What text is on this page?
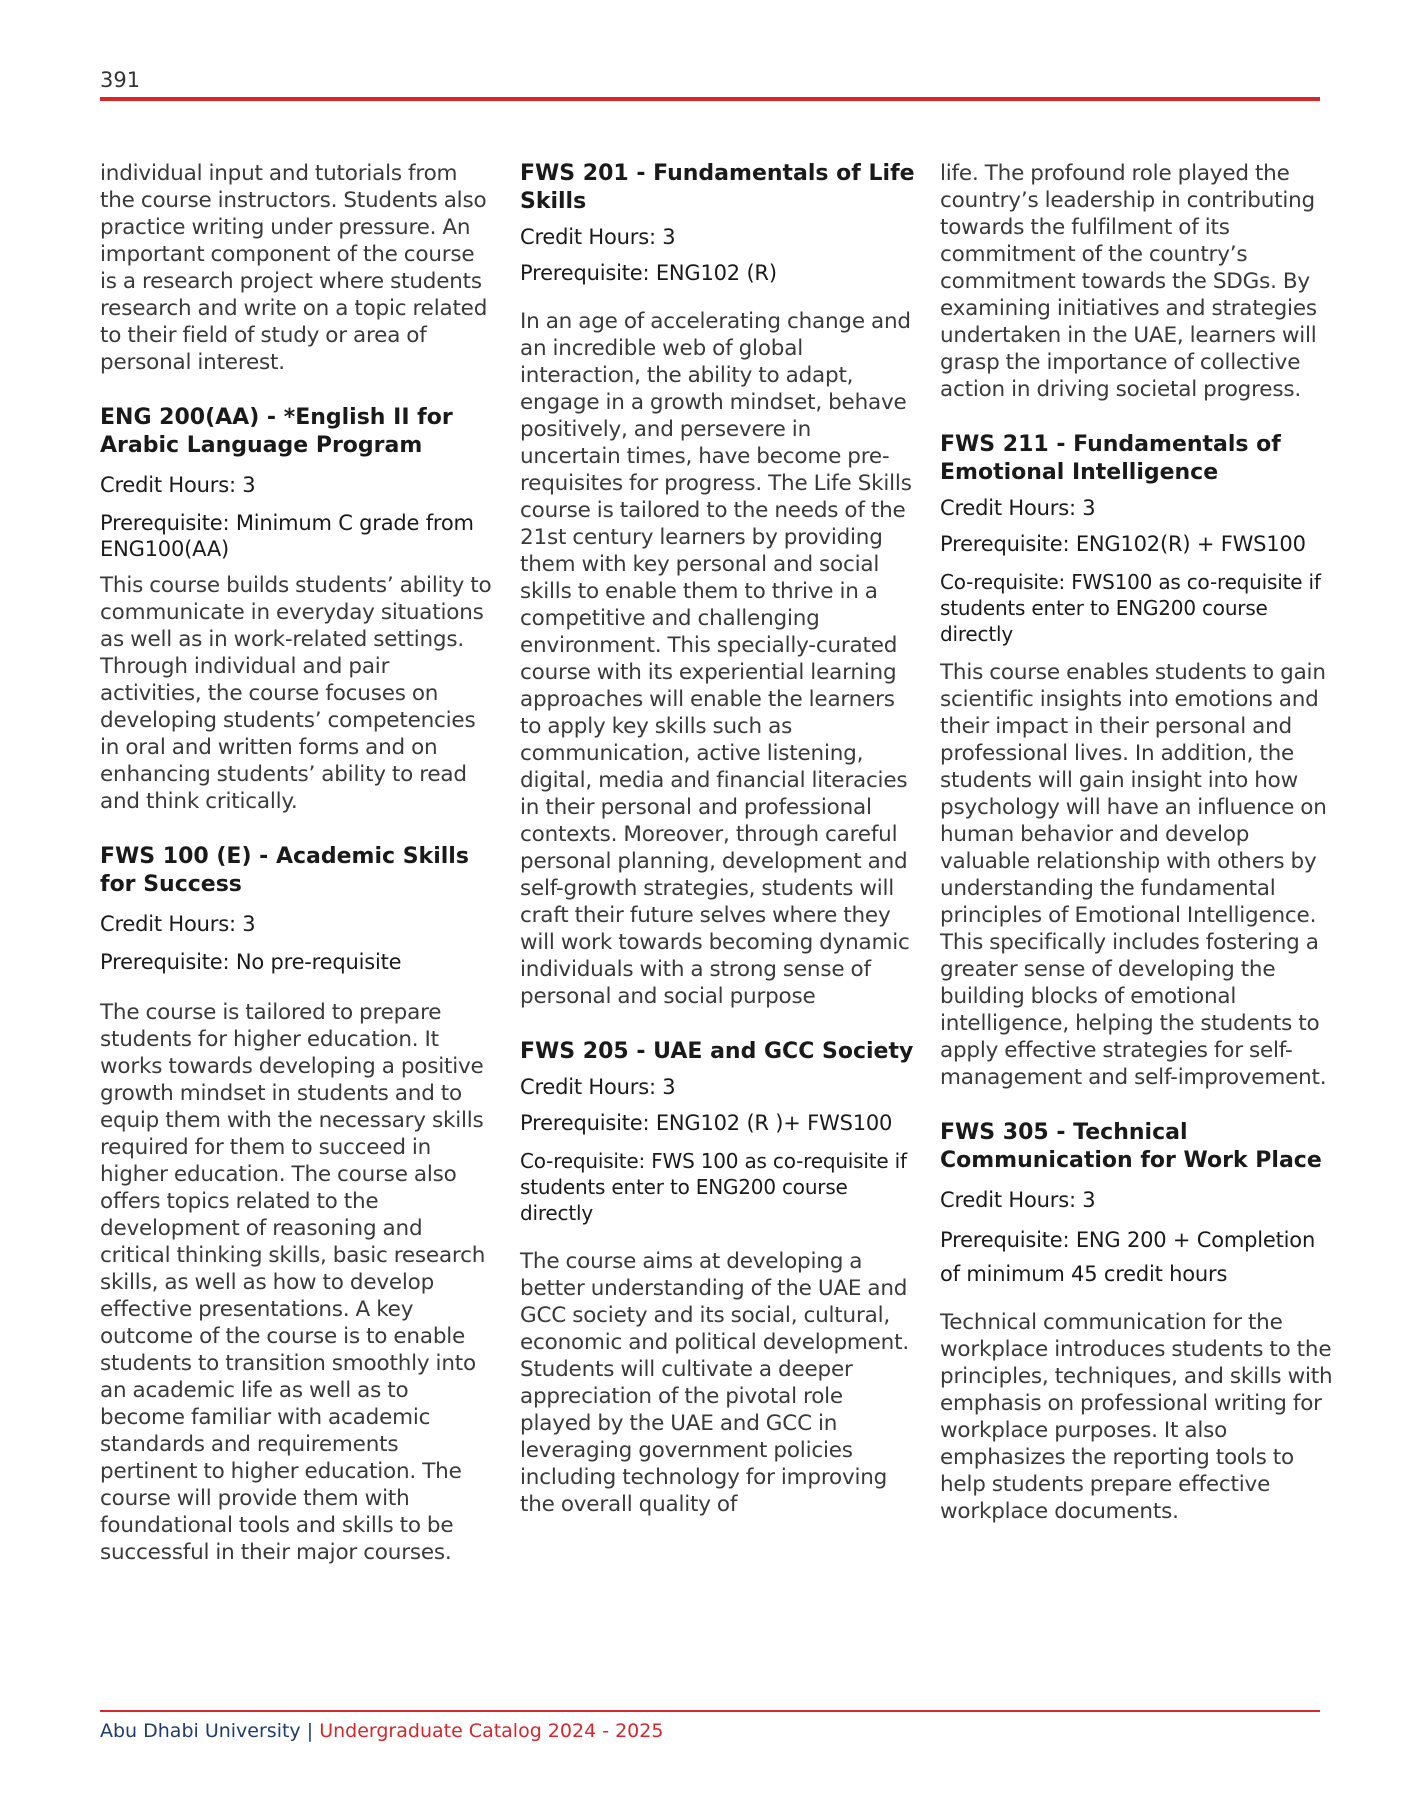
391

individual input and tutorials from the course instructors. Students also practice writing under pressure. An important component of the course is a research project where students research and write on a topic related to their field of study or area of personal interest.

ENG 200(AA) - *English II for Arabic Language Program

Credit Hours: 3

Prerequisite: Minimum C grade from ENG100(AA)

This course builds students’ ability to communicate in everyday situations as well as in work-related settings. Through individual and pair activities, the course focuses on developing students’ competencies in oral and written forms and on enhancing students’ ability to read and think critically.

FWS 100 (E) - Academic Skills for Success

Credit Hours: 3

Prerequisite: No pre-requisite

The course is tailored to prepare students for higher education. It works towards developing a positive growth mindset in students and to equip them with the necessary skills required for them to succeed in higher education. The course also offers topics related to the development of reasoning and critical thinking skills, basic research skills, as well as how to develop effective presentations. A key outcome of the course is to enable students to transition smoothly into an academic life as well as to become familiar with academic standards and requirements pertinent to higher education. The course will provide them with foundational tools and skills to be successful in their major courses.

FWS 201 - Fundamentals of Life Skills

Credit Hours: 3

Prerequisite: ENG102 (R)

In an age of accelerating change and an incredible web of global interaction, the ability to adapt, engage in a growth mindset, behave positively, and persevere in uncertain times, have become pre-requisites for progress. The Life Skills course is tailored to the needs of the 21st century learners by providing them with key personal and social skills to enable them to thrive in a competitive and challenging environment. This specially-curated course with its experiential learning approaches will enable the learners to apply key skills such as communication, active listening, digital, media and financial literacies in their personal and professional contexts. Moreover, through careful personal planning, development and self-growth strategies, students will craft their future selves where they will work towards becoming dynamic individuals with a strong sense of personal and social purpose

FWS 205 - UAE and GCC Society

Credit Hours: 3

Prerequisite: ENG102 (R )+ FWS100

Co-requisite: FWS 100 as co-requisite if students enter to ENG200 course directly

The course aims at developing a better understanding of the UAE and GCC society and its social, cultural, economic and political development. Students will cultivate a deeper appreciation of the pivotal role played by the UAE and GCC in leveraging government policies including technology for improving the overall quality of

life. The profound role played the country’s leadership in contributing towards the fulfilment of its commitment of the country’s commitment towards the SDGs. By examining initiatives and strategies undertaken in the UAE, learners will grasp the importance of collective action in driving societal progress.

FWS 211 - Fundamentals of Emotional Intelligence

Credit Hours: 3

Prerequisite: ENG102(R) + FWS100

Co-requisite: FWS100 as co-requisite if students enter to ENG200 course directly

This course enables students to gain scientific insights into emotions and their impact in their personal and professional lives. In addition, the students will gain insight into how psychology will have an influence on human behavior and develop valuable relationship with others by understanding the fundamental principles of Emotional Intelligence. This specifically includes fostering a greater sense of developing the building blocks of emotional intelligence, helping the students to apply effective strategies for self-management and self-improvement.

FWS 305 - Technical Communication for Work Place

Credit Hours: 3

Prerequisite: ENG 200 + Completion of minimum 45 credit hours

Technical communication for the workplace introduces students to the principles, techniques, and skills with emphasis on professional writing for workplace purposes. It also emphasizes the reporting tools to help students prepare effective workplace documents.

Abu Dhabi University | Undergraduate Catalog 2024 - 2025
